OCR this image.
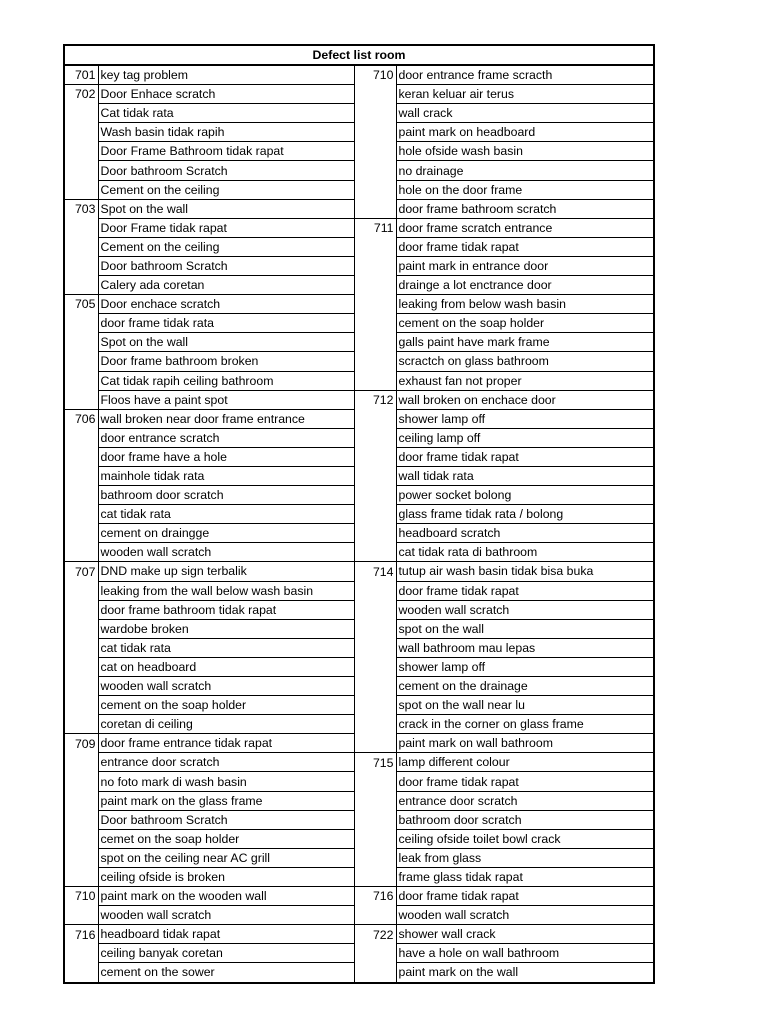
Defect list room			
701	key tag problem	710	door entrance frame scracth
702	Door Enhace scratch		keran keluar air terus
	Cat tidak rata		wall crack
	Wash basin tidak rapih		paint mark on headboard
	Door Frame Bathroom tidak rapat		hole ofside wash basin
	Door bathroom Scratch		no drainage
	Cement on the ceiling		hole on the door frame
703	Spot on the wall		door frame bathroom scratch
	Door Frame tidak rapat	711	door frame scratch entrance
	Cement on the ceiling		door frame tidak rapat
	Door bathroom Scratch		paint mark in entrance door
	Calery ada coretan		drainge a lot enctrance door
705	Door enchace scratch		leaking from below wash basin
	door frame tidak rata		cement on the soap holder
	Spot on the wall		galls paint have mark frame
	Door frame bathroom broken		scractch on glass bathroom
	Cat tidak rapih ceiling bathroom		exhaust fan not proper
	Floos have a paint spot	712	wall broken on enchace door
706	wall broken near door frame entrance		shower lamp off
	door entrance scratch		ceiling lamp off
	door frame have a hole		door frame tidak rapat
	mainhole tidak rata		wall tidak rata
	bathroom door scratch		power socket bolong
	cat tidak rata		glass frame tidak rata / bolong
	cement on draingge		headboard scratch
	wooden wall scratch		cat tidak rata di bathroom
707	DND make up sign terbalik	714	tutup air wash basin tidak bisa buka
	leaking from the wall below wash basin		door frame tidak rapat
	door frame bathroom tidak rapat		wooden wall scratch
	wardobe broken		spot on the wall
	cat tidak rata		wall bathroom mau lepas
	cat on headboard		shower lamp off
	wooden wall scratch		cement on the drainage
	cement on the soap holder		spot on the wall near lu
	coretan di ceiling		crack in the corner on glass frame
709	door frame entrance tidak rapat		paint mark on wall bathroom
	entrance door scratch	715	lamp different colour
	no foto mark di wash basin		door frame tidak rapat
	paint mark on the glass frame		entrance door scratch
	Door bathroom Scratch		bathroom door scratch
	cemet on the soap holder		ceiling ofside toilet bowl crack
	spot on the ceiling near AC grill		leak from glass
	ceiling ofside is broken		frame glass tidak rapat
710	paint mark on the wooden wall	716	door frame tidak rapat
	wooden wall scratch		wooden wall scratch
716	headboard tidak rapat	722	shower wall crack
	ceiling banyak coretan		have a hole on wall bathroom
	cement on the sower		paint mark on the wall
